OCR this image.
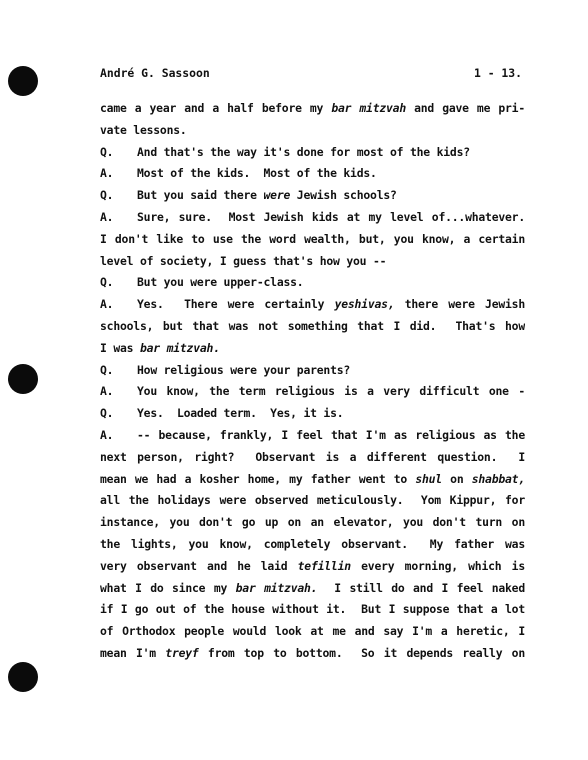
André G. Sassoon	1 - 13.
came a year and a half before my bar mitzvah and gave me pri-
vate lessons.
Q. And that's the way it's done for most of the kids?
A. Most of the kids.  Most of the kids.
Q. But you said there were Jewish schools?
A. Sure, sure.  Most Jewish kids at my level of...whatever.
I don't like to use the word wealth, but, you know, a certain
level of society, I guess that's how you --
Q. But you were upper-class.
A. Yes.  There were certainly yeshivas, there were Jewish
schools, but that was not something that I did.  That's how
I was bar mitzvah.
Q. How religious were your parents?
A. You know, the term religious is a very difficult one -
Q. Yes.  Loaded term.  Yes, it is.
A. -- because, frankly, I feel that I'm as religious as the
next person, right?  Observant is a different question.  I
mean we had a kosher home, my father went to shul on shabbat,
all the holidays were observed meticulously.  Yom Kippur, for
instance, you don't go up on an elevator, you don't turn on
the lights, you know, completely observant.  My father was
very observant and he laid tefillin every morning, which is
what I do since my bar mitzvah.  I still do and I feel naked
if I go out of the house without it.  But I suppose that a lot
of Orthodox people would look at me and say I'm a heretic, I
mean I'm treyf from top to bottom.  So it depends really on
